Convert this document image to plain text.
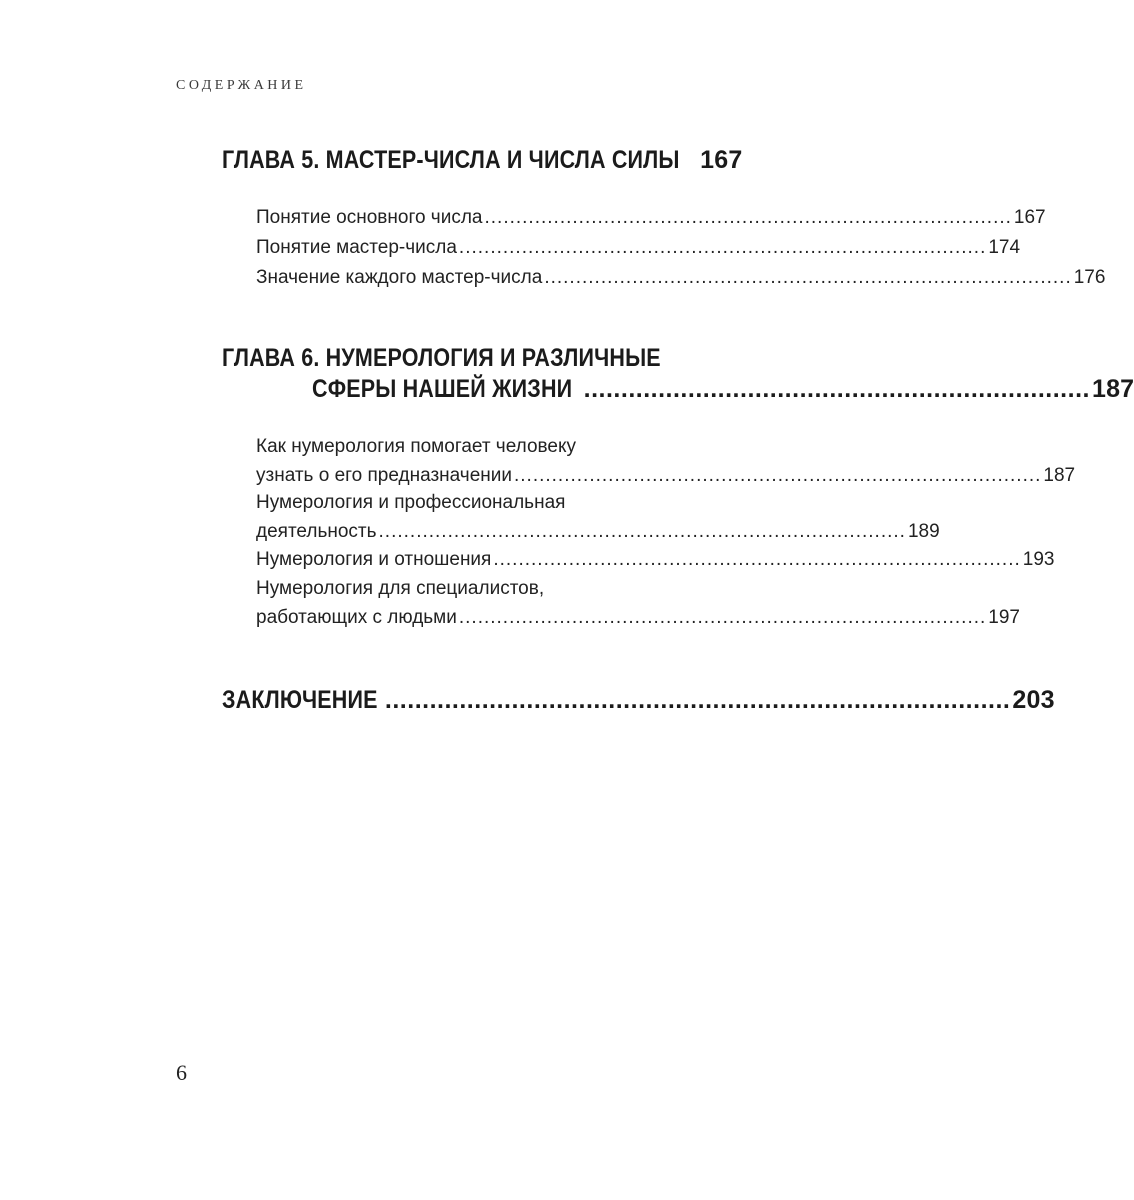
СОДЕРЖАНИЕ
ГЛАВА 5. МАСТЕР-ЧИСЛА И ЧИСЛА СИЛЫ 167
Понятие основного числа .................................................................................... 167
Понятие мастер-числа .................................................................................... 174
Значение каждого мастер-числа .................................................................................... 176
ГЛАВА 6. НУМЕРОЛОГИЯ И РАЗЛИЧНЫЕ
СФЕРЫ НАШЕЙ ЖИЗНИ .................................................................... 187
Как нумерология помогает человеку
узнать о его предназначении .................................................................................... 187
Нумерология и профессиональная
деятельность .................................................................................... 189
Нумерология и отношения .................................................................................... 193
Нумерология для специалистов,
работающих с людьми .................................................................................... 197
ЗАКЛЮЧЕНИЕ .................................................................................... 203
6
